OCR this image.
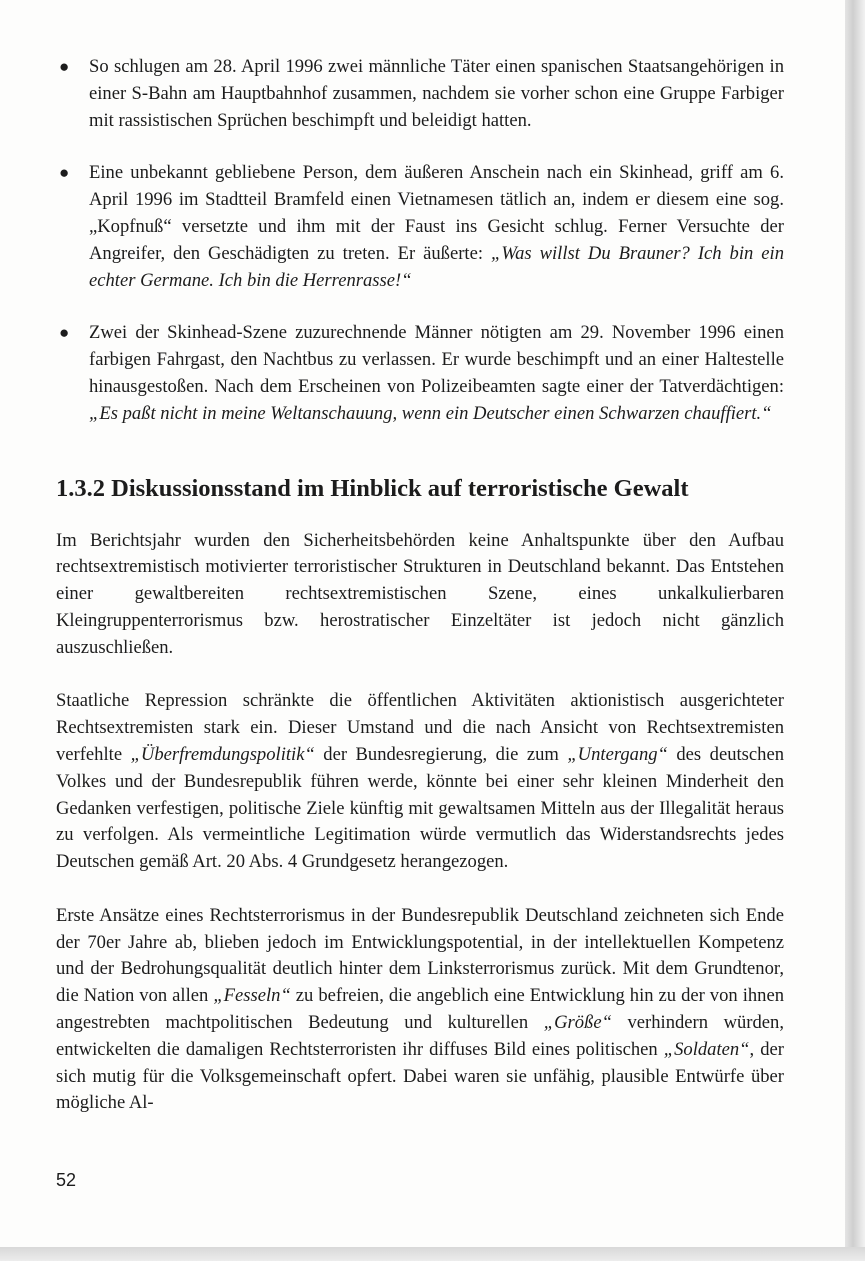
● So schlugen am 28. April 1996 zwei männliche Täter einen spanischen Staatsangehörigen in einer S-Bahn am Hauptbahnhof zusammen, nachdem sie vorher schon eine Gruppe Farbiger mit rassistischen Sprüchen beschimpft und beleidigt hatten.
● Eine unbekannt gebliebene Person, dem äußeren Anschein nach ein Skinhead, griff am 6. April 1996 im Stadtteil Bramfeld einen Vietnamesen tätlich an, indem er diesem eine sog. „Kopfnuß“ versetzte und ihm mit der Faust ins Gesicht schlug. Ferner Versuchte der Angreifer, den Geschädigten zu treten. Er äußerte: „Was willst Du Brauner? Ich bin ein echter Germane. Ich bin die Herrenrasse!“
● Zwei der Skinhead-Szene zuzurechnende Männer nötigten am 29. November 1996 einen farbigen Fahrgast, den Nachtbus zu verlassen. Er wurde beschimpft und an einer Haltestelle hinausgestoßen. Nach dem Erscheinen von Polizeibeamten sagte einer der Tatverdächtigen: „Es paßt nicht in meine Weltanschauung, wenn ein Deutscher einen Schwarzen chauffiert.“
1.3.2 Diskussionsstand im Hinblick auf terroristische Gewalt

Im Berichtsjahr wurden den Sicherheitsbehörden keine Anhaltspunkte über den Aufbau rechtsextremistisch motivierter terroristischer Strukturen in Deutschland bekannt. Das Entstehen einer gewaltbereiten rechtsextremistischen Szene, eines unkalkulierbaren Kleingruppenterrorismus bzw. herostratischer Einzeltäter ist jedoch nicht gänzlich auszuschließen.

Staatliche Repression schränkte die öffentlichen Aktivitäten aktionistisch ausgerichteter Rechtsextremisten stark ein. Dieser Umstand und die nach Ansicht von Rechtsextremisten verfehlte „Überfremdungspolitik“ der Bundesregierung, die zum „Untergang“ des deutschen Volkes und der Bundesrepublik führen werde, könnte bei einer sehr kleinen Minderheit den Gedanken verfestigen, politische Ziele künftig mit gewaltsamen Mitteln aus der Illegalität heraus zu verfolgen. Als vermeintliche Legitimation würde vermutlich das Widerstandsrechts jedes Deutschen gemäß Art. 20 Abs. 4 Grundgesetz herangezogen.

Erste Ansätze eines Rechtsterrorismus in der Bundesrepublik Deutschland zeichneten sich Ende der 70er Jahre ab, blieben jedoch im Entwicklungspotential, in der intellektuellen Kompetenz und der Bedrohungsqualität deutlich hinter dem Linksterrorismus zurück. Mit dem Grundtenor, die Nation von allen „Fesseln“ zu befreien, die angeblich eine Entwicklung hin zu der von ihnen angestrebten machtpolitischen Bedeutung und kulturellen „Größe“ verhindern würden, entwickelten die damaligen Rechtsterroristen ihr diffuses Bild eines politischen „Soldaten“, der sich mutig für die Volksgemeinschaft opfert. Dabei waren sie unfähig, plausible Entwürfe über mögliche Al-

52
